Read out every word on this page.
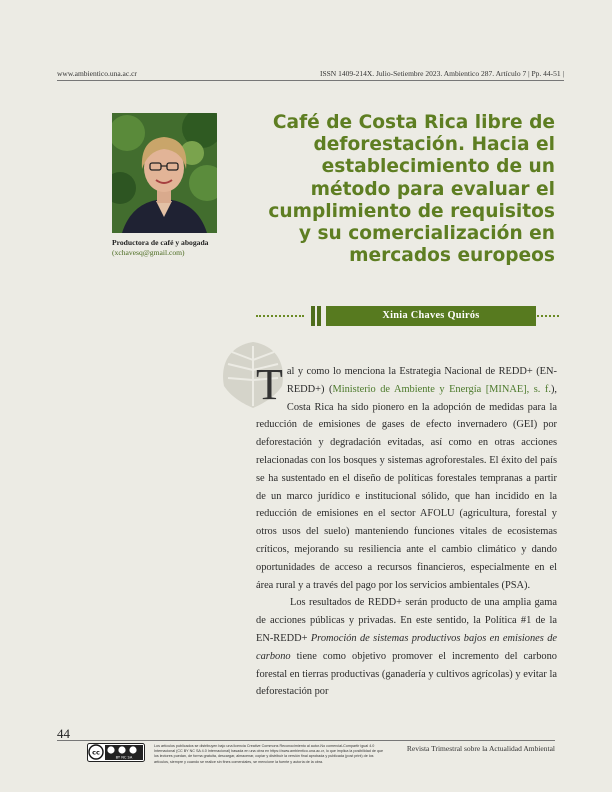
www.ambientico.una.ac.cr	ISSN 1409-214X. Julio-Setiembre 2023. Ambientico 287. Artículo 7 | Pp. 44-51 |
Productora de café y abogada
(xchavesq@gmail.com)
Café de Costa Rica libre de deforestación. Hacia el establecimiento de un método para evaluar el cumplimiento de requisitos y su comercialización en mercados europeos
Xinia Chaves Quirós

Tal y como lo menciona la Estrategia Nacional de REDD+ (EN-REDD+) (Ministerio de Ambiente y Energía [MINAE], s. f.), Costa Rica ha sido pionero en la adopción de medidas para la reducción de emisiones de gases de efecto invernadero (GEI) por deforestación y degradación evitadas, así como en otras acciones relacionadas con los bosques y sistemas agroforestales. El éxito del país se ha sustentado en el diseño de políticas forestales tempranas a partir de un marco jurídico e institucional sólido, que han incidido en la reducción de emisiones en el sector AFOLU (agricultura, forestal y otros usos del suelo) manteniendo funciones vitales de ecosistemas críticos, mejorando su resiliencia ante el cambio climático y dando oportunidades de acceso a recursos financieros, especialmente en el área rural y a través del pago por los servicios ambientales (PSA).

Los resultados de REDD+ serán producto de una amplia gama de acciones públicas y privadas. En este sentido, la Política #1 de la EN-REDD+ Promoción de sistemas productivos bajos en emisiones de carbono tiene como objetivo promover el incremento del carbono forestal en tierras productivas (ganadería y cultivos agrícolas) y evitar la deforestación por

44
cc
BY NC SA
Los artículos publicados se distribuyen bajo una licencia Creative Commons Reconocimiento al autor-No comercial-Compartir igual 4.0 Internacional (CC BY NC SA 4.0 Internacional) basada en una obra en https://www.ambientico.una.ac.cr, lo que implica la posibilidad de que los lectores puedan, de forma gratuita, descargar, almacenar, copiar y distribuir la versión final aprobada y publicada (post print) de los artículos, siempre y cuando se realice sin fines comerciales, se mencione la fuente y autoría de la obra.
Revista Trimestral sobre la Actualidad Ambiental
